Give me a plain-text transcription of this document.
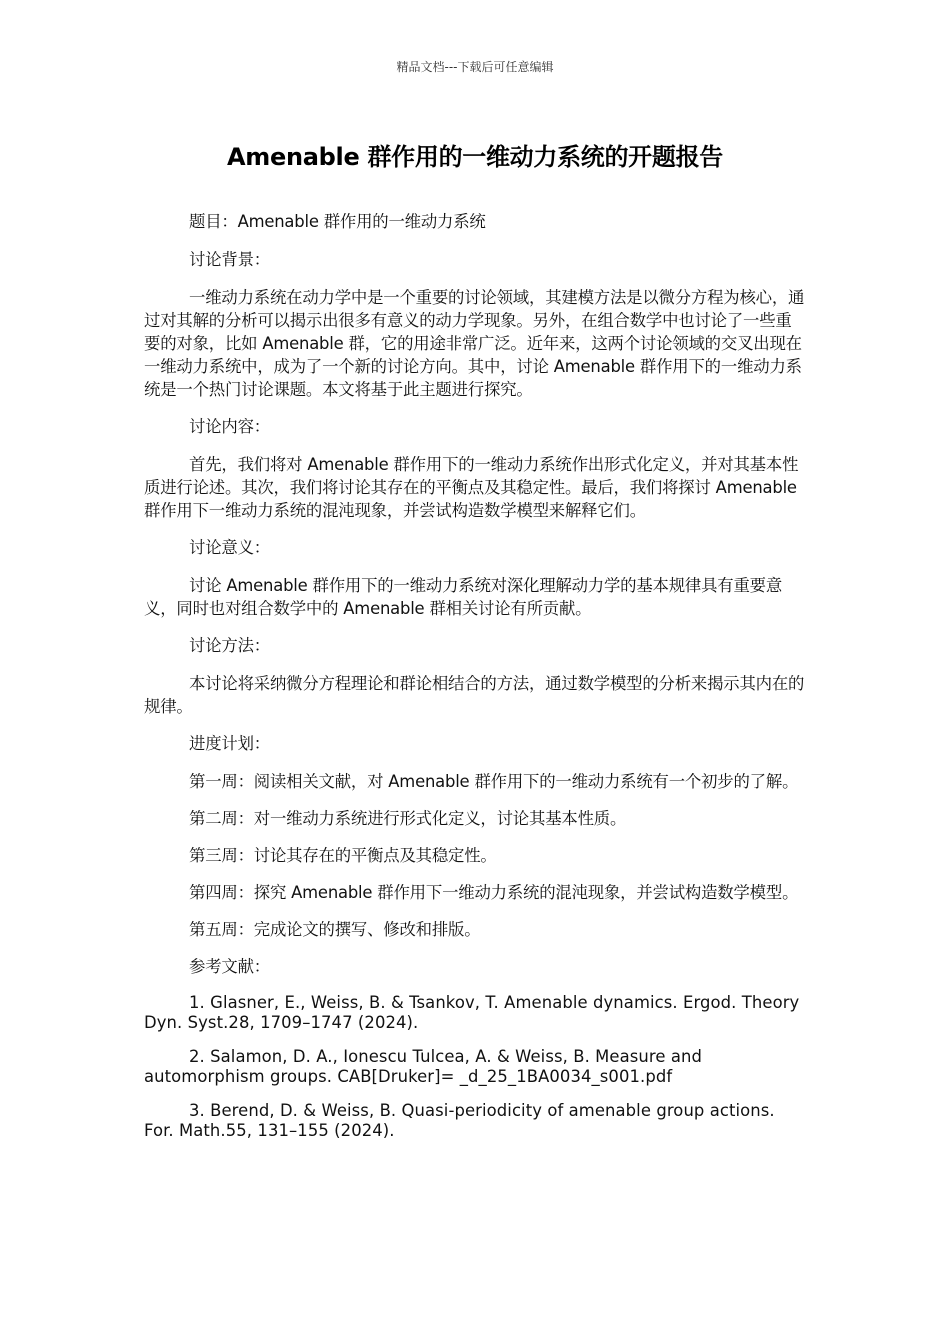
精品文档---下载后可任意编辑
Amenable 群作用的一维动力系统的开题报告

题目：Amenable 群作用的一维动力系统

讨论背景：

一维动力系统在动力学中是一个重要的讨论领域，其建模方法是以微分方程为核心，通过对其解的分析可以揭示出很多有意义的动力学现象。另外，在组合数学中也讨论了一些重要的对象，比如 Amenable 群，它的用途非常广泛。近年来，这两个讨论领域的交叉出现在一维动力系统中，成为了一个新的讨论方向。其中，讨论 Amenable 群作用下的一维动力系统是一个热门讨论课题。本文将基于此主题进行探究。

讨论内容：

首先，我们将对 Amenable 群作用下的一维动力系统作出形式化定义，并对其基本性质进行论述。其次，我们将讨论其存在的平衡点及其稳定性。最后，我们将探讨 Amenable 群作用下一维动力系统的混沌现象，并尝试构造数学模型来解释它们。

讨论意义：

讨论 Amenable 群作用下的一维动力系统对深化理解动力学的基本规律具有重要意义，同时也对组合数学中的 Amenable 群相关讨论有所贡献。

讨论方法：

本讨论将采纳微分方程理论和群论相结合的方法，通过数学模型的分析来揭示其内在的规律。

进度计划：

第一周：阅读相关文献，对 Amenable 群作用下的一维动力系统有一个初步的了解。

第二周：对一维动力系统进行形式化定义，讨论其基本性质。

第三周：讨论其存在的平衡点及其稳定性。

第四周：探究 Amenable 群作用下一维动力系统的混沌现象，并尝试构造数学模型。

第五周：完成论文的撰写、修改和排版。

参考文献：

1. Glasner, E., Weiss, B. & Tsankov, T. Amenable dynamics. Ergod. Theory Dyn. Syst.28, 1709–1747 (2024).

2. Salamon, D. A., Ionescu Tulcea, A. & Weiss, B. Measure and automorphism groups. CAB[Druker]= _d_25_1BA0034_s001.pdf

3. Berend, D. & Weiss, B. Quasi-periodicity of amenable group actions. For. Math.55, 131–155 (2024).
